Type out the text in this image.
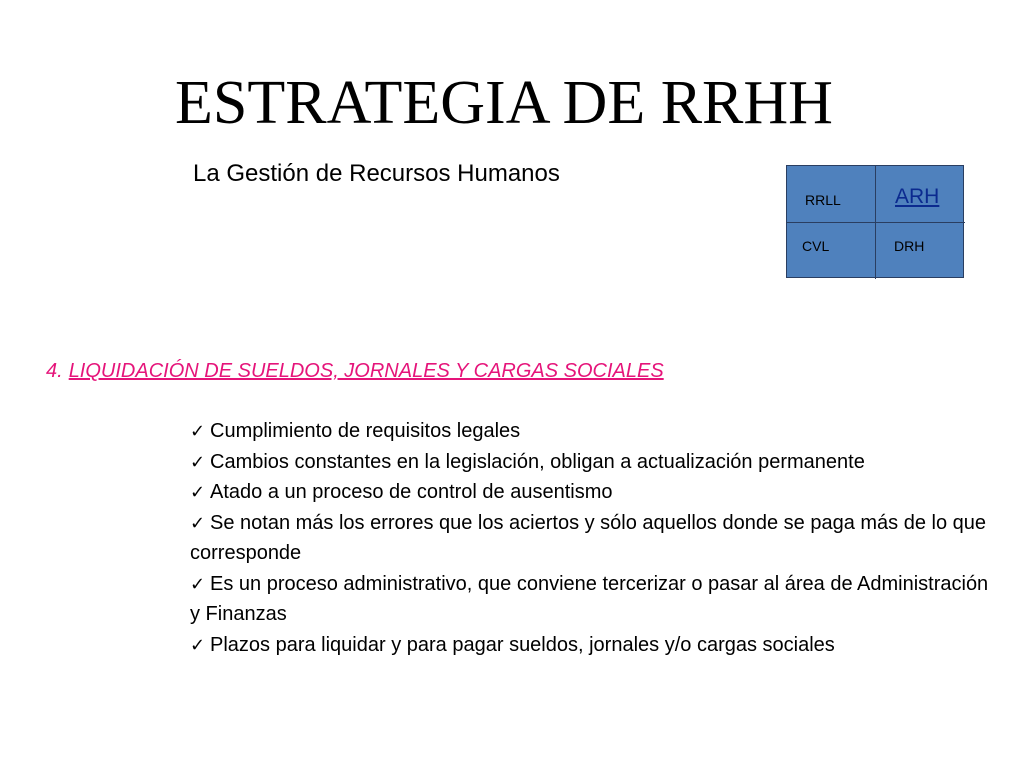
ESTRATEGIA DE RRHH
La Gestión de Recursos Humanos
RRLL	ARH
CVL	DRH
4. LIQUIDACIÓN DE SUELDOS, JORNALES Y CARGAS SOCIALES
✓ Cumplimiento de requisitos legales
✓ Cambios constantes en la legislación, obligan a actualización permanente
✓ Atado a un proceso de control de ausentismo
✓ Se notan más los errores que los aciertos y sólo aquellos donde se paga más de lo que corresponde
✓ Es un proceso administrativo, que conviene tercerizar o pasar al área de Administración y Finanzas
✓ Plazos para liquidar y para pagar sueldos, jornales y/o cargas sociales
